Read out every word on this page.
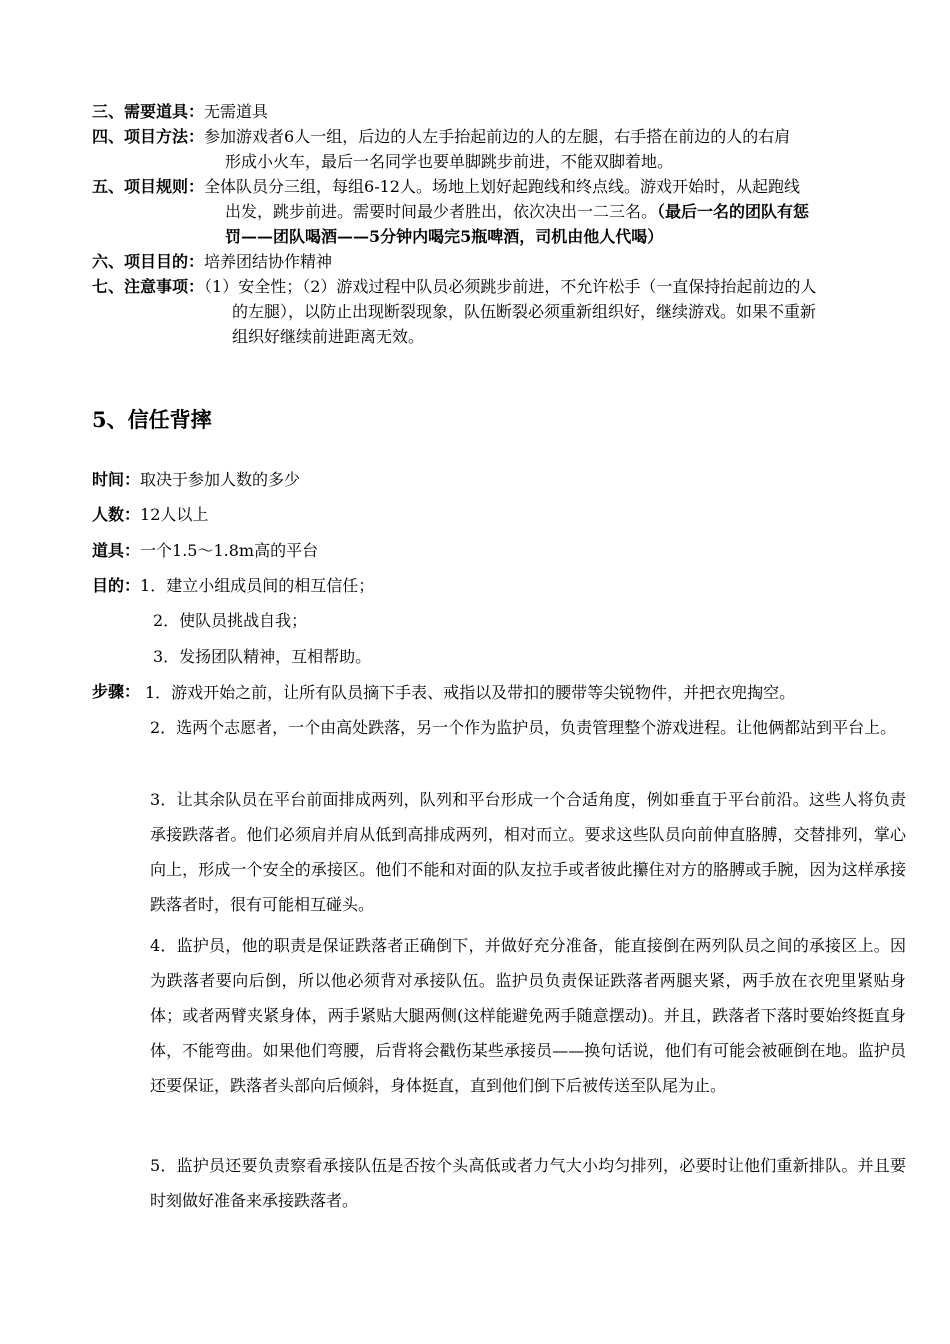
三、需要道具：无需道具
四、项目方法：参加游戏者6人一组，后边的人左手抬起前边的人的左腿，右手搭在前边的人的右肩
形成小火车，最后一名同学也要单脚跳步前进，不能双脚着地。
五、项目规则：全体队员分三组，每组6-12人。场地上划好起跑线和终点线。游戏开始时，从起跑线
出发，跳步前进。需要时间最少者胜出，依次决出一二三名。（最后一名的团队有惩
罚——团队喝酒——5分钟内喝完5瓶啤酒，司机由他人代喝）
六、项目目的：培养团结协作精神
七、注意事项：（1）安全性；（2）游戏过程中队员必须跳步前进，不允许松手（一直保持抬起前边的人
的左腿），以防止出现断裂现象，队伍断裂必须重新组织好，继续游戏。如果不重新
组织好继续前进距离无效。
5、信任背摔
时间：取决于参加人数的多少
人数：12人以上
道具：一个1.5～1.8m高的平台
目的：1．建立小组成员间的相互信任；
2．使队员挑战自我；
3．发扬团队精神，互相帮助。
步骤： 1．游戏开始之前，让所有队员摘下手表、戒指以及带扣的腰带等尖锐物件，并把衣兜掏空。
2．选两个志愿者，一个由高处跌落，另一个作为监护员，负责管理整个游戏进程。让他俩都站到平台上。
3．让其余队员在平台前面排成两列，队列和平台形成一个合适角度，例如垂直于平台前沿。这些人将负责承接跌落者。他们必须肩并肩从低到高排成两列，相对而立。要求这些队员向前伸直胳膊，交替排列，掌心向上，形成一个安全的承接区。他们不能和对面的队友拉手或者彼此攥住对方的胳膊或手腕，因为这样承接跌落者时，很有可能相互碰头。
4．监护员，他的职责是保证跌落者正确倒下，并做好充分准备，能直接倒在两列队员之间的承接区上。因为跌落者要向后倒，所以他必须背对承接队伍。监护员负责保证跌落者两腿夹紧，两手放在衣兜里紧贴身体；或者两臂夹紧身体，两手紧贴大腿两侧(这样能避免两手随意摆动)。并且，跌落者下落时要始终挺直身体，不能弯曲。如果他们弯腰，后背将会戳伤某些承接员——换句话说，他们有可能会被砸倒在地。监护员还要保证，跌落者头部向后倾斜，身体挺直，直到他们倒下后被传送至队尾为止。
5．监护员还要负责察看承接队伍是否按个头高低或者力气大小均匀排列，必要时让他们重新排队。并且要时刻做好准备来承接跌落者。
